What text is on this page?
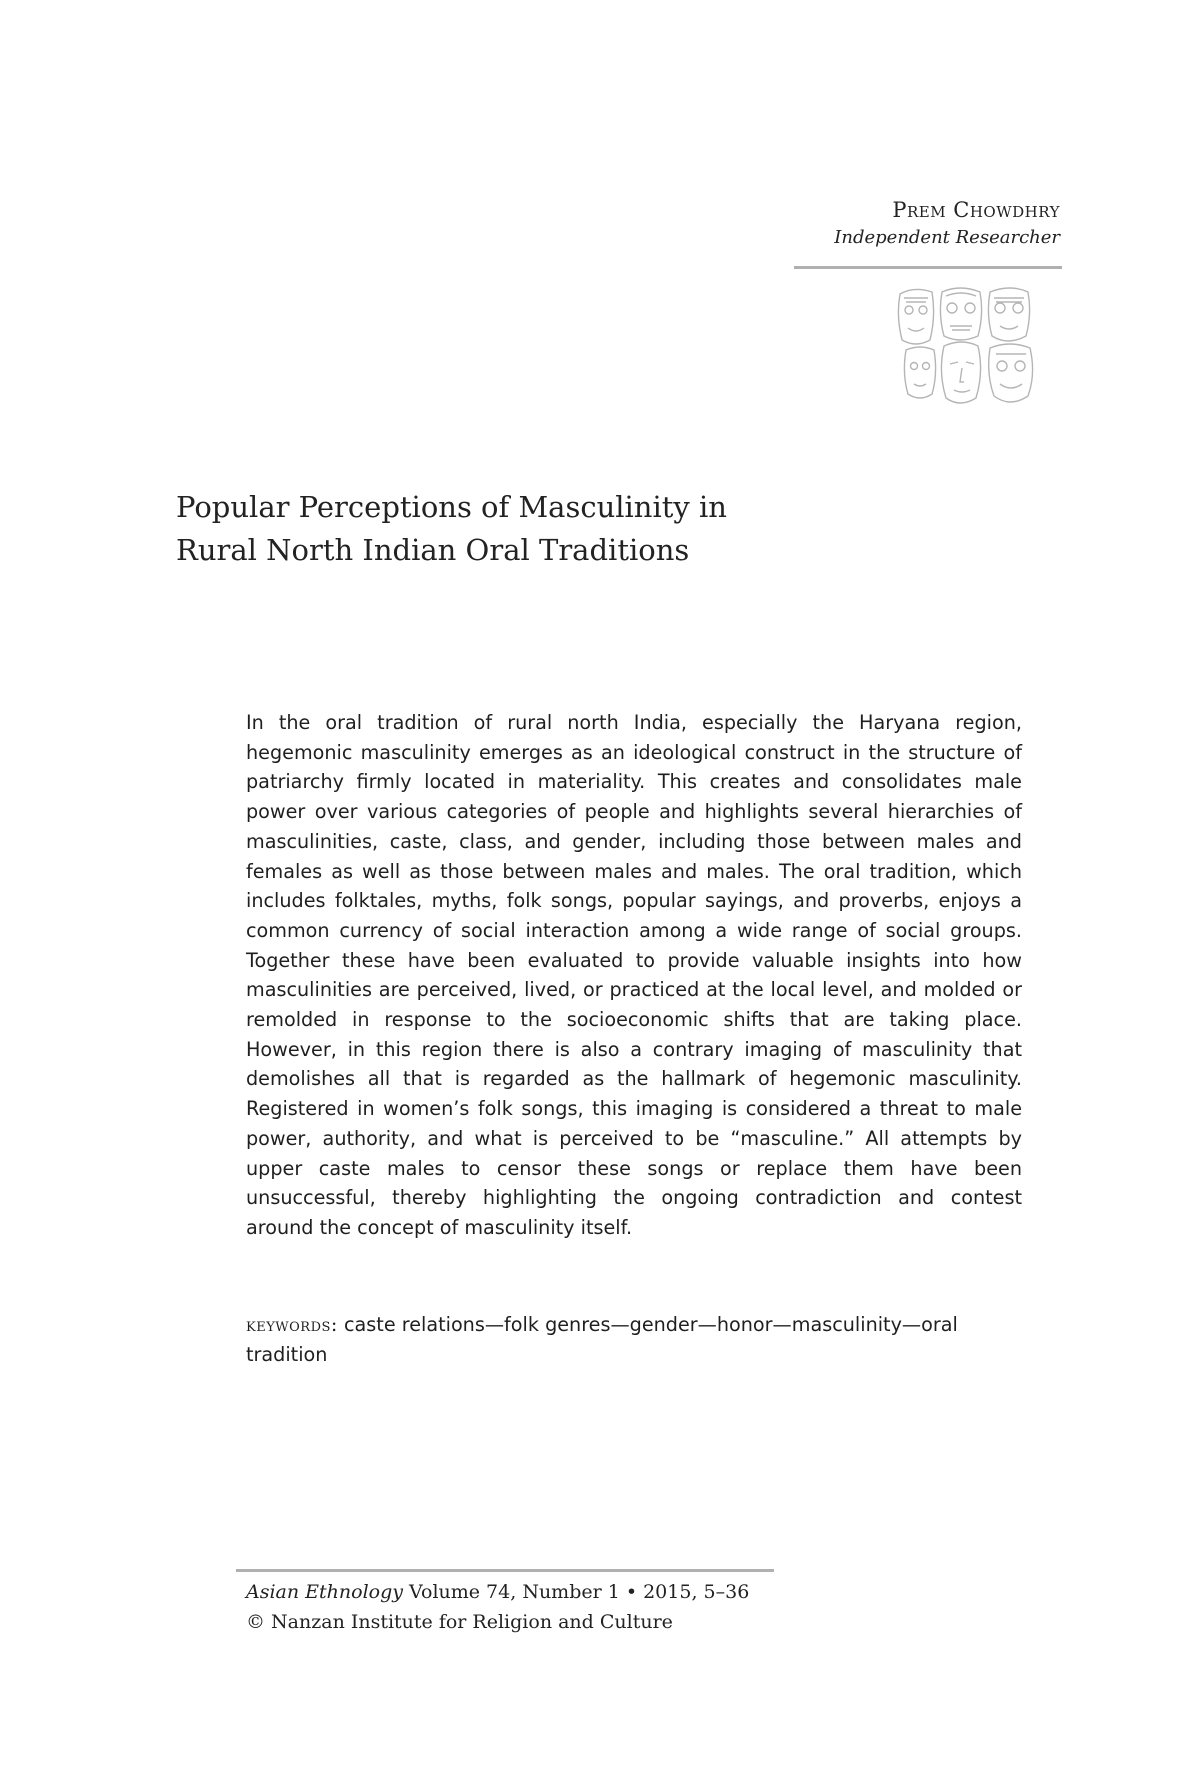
Prem Chowdhry
Independent Researcher
Popular Perceptions of Masculinity in
Rural North Indian Oral Traditions

In the oral tradition of rural north India, especially the Haryana region, hegemonic masculinity emerges as an ideological construct in the structure of patriarchy firmly located in materiality. This creates and consolidates male power over various categories of people and highlights several hierarchies of masculinities, caste, class, and gender, including those between males and females as well as those between males and males. The oral tradition, which includes folktales, myths, folk songs, popular sayings, and proverbs, enjoys a common currency of social interaction among a wide range of social groups. Together these have been evaluated to provide valuable insights into how masculinities are perceived, lived, or practiced at the local level, and molded or remolded in response to the socioeconomic shifts that are taking place. However, in this region there is also a contrary imaging of masculinity that demolishes all that is regarded as the hallmark of hegemonic masculinity. Registered in women’s folk songs, this imaging is considered a threat to male power, authority, and what is perceived to be “masculine.” All attempts by upper caste males to censor these songs or replace them have been unsuccessful, thereby highlighting the ongoing contradiction and contest around the concept of masculinity itself.

keywords: caste relations—folk genres—gender—honor—masculinity—oral tradition
Asian Ethnology Volume 74, Number 1 • 2015, 5–36
© Nanzan Institute for Religion and Culture
